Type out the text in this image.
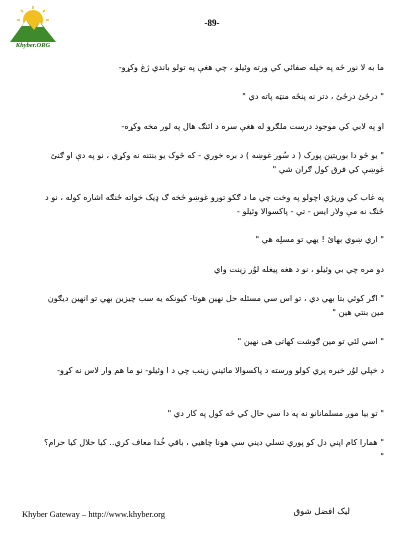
Khyber.ORG
-89-
ما به لا نور څه په خپله صفائي کي ورته وئيلو ، چي ھغې په تولو باندي ژغ وکړو-
" درځئ درځئ ، دتر نه پنځه منټه پاته دي "
او په لابي کي موجود درست ملګرو له ھغې سره د ائنګ ھال په لور مخه وکړه-
" يو څو دا بوريتين پورک ( د سُور غوښه ) د بره خوري - که څوک يو بنتنه نه وکړي ، نو په دې او ګنئ غوښې کي فرق کول ګران شي "
په غاب کي وريژي اچولو په وخت چي ما د ګکو تورو غوښو څخه ګ ډيک خواته ځنګه اشاره کوله ، نو د ځنګ نه مې ولار ايس - تي - پاکسوالا وئيلو -
" اري ښوي بهائ ! يهي تو مسلِه هي "
دو مره چي بي وئيلو ، نو د ھغه پيغله لوُر زينت واي
" اګر کوئي بتا بهي دي ، تو اس سي مسئله حل نهين هوتا- کيونکه يه سب چيزين بهي تو انهين ديګون مين بنتي هين "
" اسي لئي تو مين ګوشت کهاتی هی نهين "
د خپلي لوُر خبره پري کولو ورسته د پاکسوالا مائيني زينب چي د ا وئيلو- نو ما هم وار لاس نه کړو-
" تو بيا موږ مسلمانانو نه په دا سي حال کي څه کول په کار دي "
" همارا کام اپني دل کو پوري تسلي ديني سي هونا چاهيي ، باقي خُدا معاف کري.. کيا حلال کيا حرام؟ "
Khyber Gateway – http://www.khyber.org	ليک افضل شوق
